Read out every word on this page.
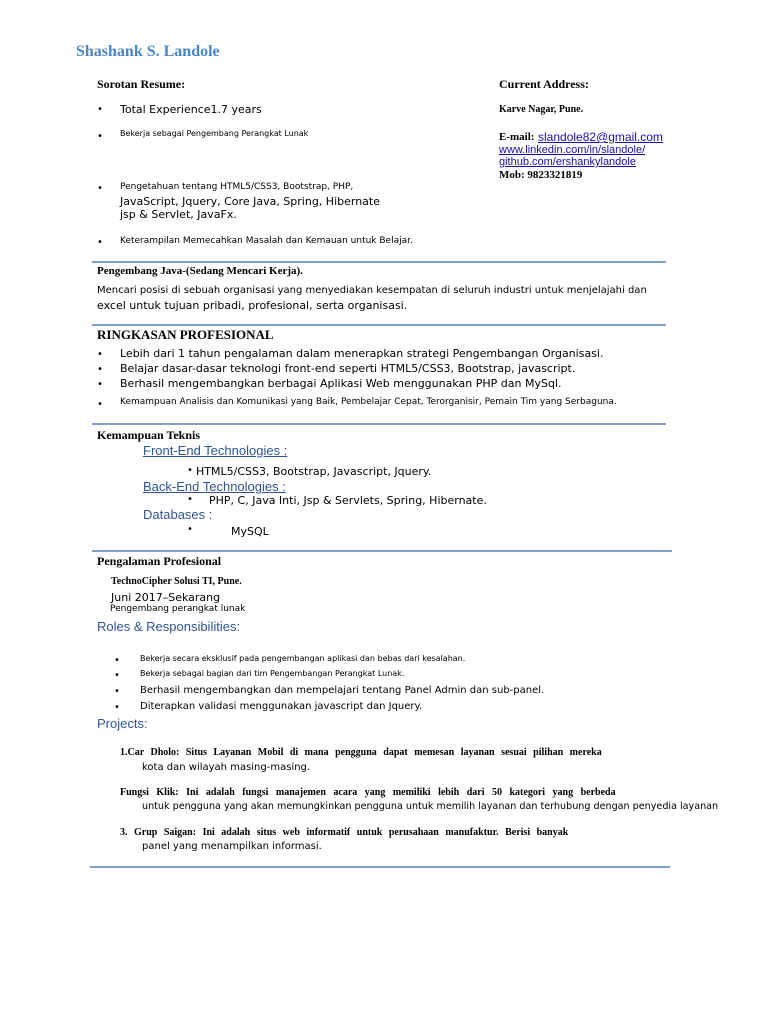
Shashank S. Landole
Sorotan Resume:
• Total Experience1.7 years
• Bekerja sebagai Pengembang Perangkat Lunak
• Pengetahuan tentang HTML5/CSS3, Bootstrap, PHP,
JavaScript, Jquery, Core Java, Spring, Hibernate
jsp & Servlet, JavaFx.
• Keterampilan Memecahkan Masalah dan Kemauan untuk Belajar.
Current Address:
Karve Nagar, Pune.
E-mail: slandole82@gmail.com
www.linkedin.com/in/slandole/
github.com/ershankylandole
Mob: 9823321819
Pengembang Java-(Sedang Mencari Kerja).
Mencari posisi di sebuah organisasi yang menyediakan kesempatan di seluruh industri untuk menjelajahi dan
excel untuk tujuan pribadi, profesional, serta organisasi.
RINGKASAN PROFESIONAL
• Lebih dari 1 tahun pengalaman dalam menerapkan strategi Pengembangan Organisasi.
• Belajar dasar-dasar teknologi front-end seperti HTML5/CSS3, Bootstrap, javascript.
• Berhasil mengembangkan berbagai Aplikasi Web menggunakan PHP dan MySql.
• Kemampuan Analisis dan Komunikasi yang Baik, Pembelajar Cepat, Terorganisir, Pemain Tim yang Serbaguna.
Kemampuan Teknis
Front-End Technologies :
• HTML5/CSS3, Bootstrap, Javascript, Jquery.
Back-End Technologies :
• PHP, C, Java Inti, Jsp & Servlets, Spring, Hibernate.
Databases :
•	MySQL
Pengalaman Profesional
TechnoCipher Solusi TI, Pune.
Juni 2017–Sekarang
Pengembang perangkat lunak
Roles & Responsibilities:
•	Bekerja secara eksklusif pada pengembangan aplikasi dan bebas dari kesalahan.
•	Bekerja sebagai bagian dari tim Pengembangan Perangkat Lunak.
• Berhasil mengembangkan dan mempelajari tentang Panel Admin dan sub-panel.
• Diterapkan validasi menggunakan javascript dan Jquery.
Projects:
1.Car Dholo: Situs Layanan Mobil di mana pengguna dapat memesan layanan sesuai pilihan mereka
kota dan wilayah masing-masing.
Fungsi Klik: Ini adalah fungsi manajemen acara yang memiliki lebih dari 50 kategori yang berbeda
untuk pengguna yang akan memungkinkan pengguna untuk memilih layanan dan terhubung dengan penyedia layanan
3. Grup Saigan: Ini adalah situs web informatif untuk perusahaan manufaktur. Berisi banyak
panel yang menampilkan informasi.
